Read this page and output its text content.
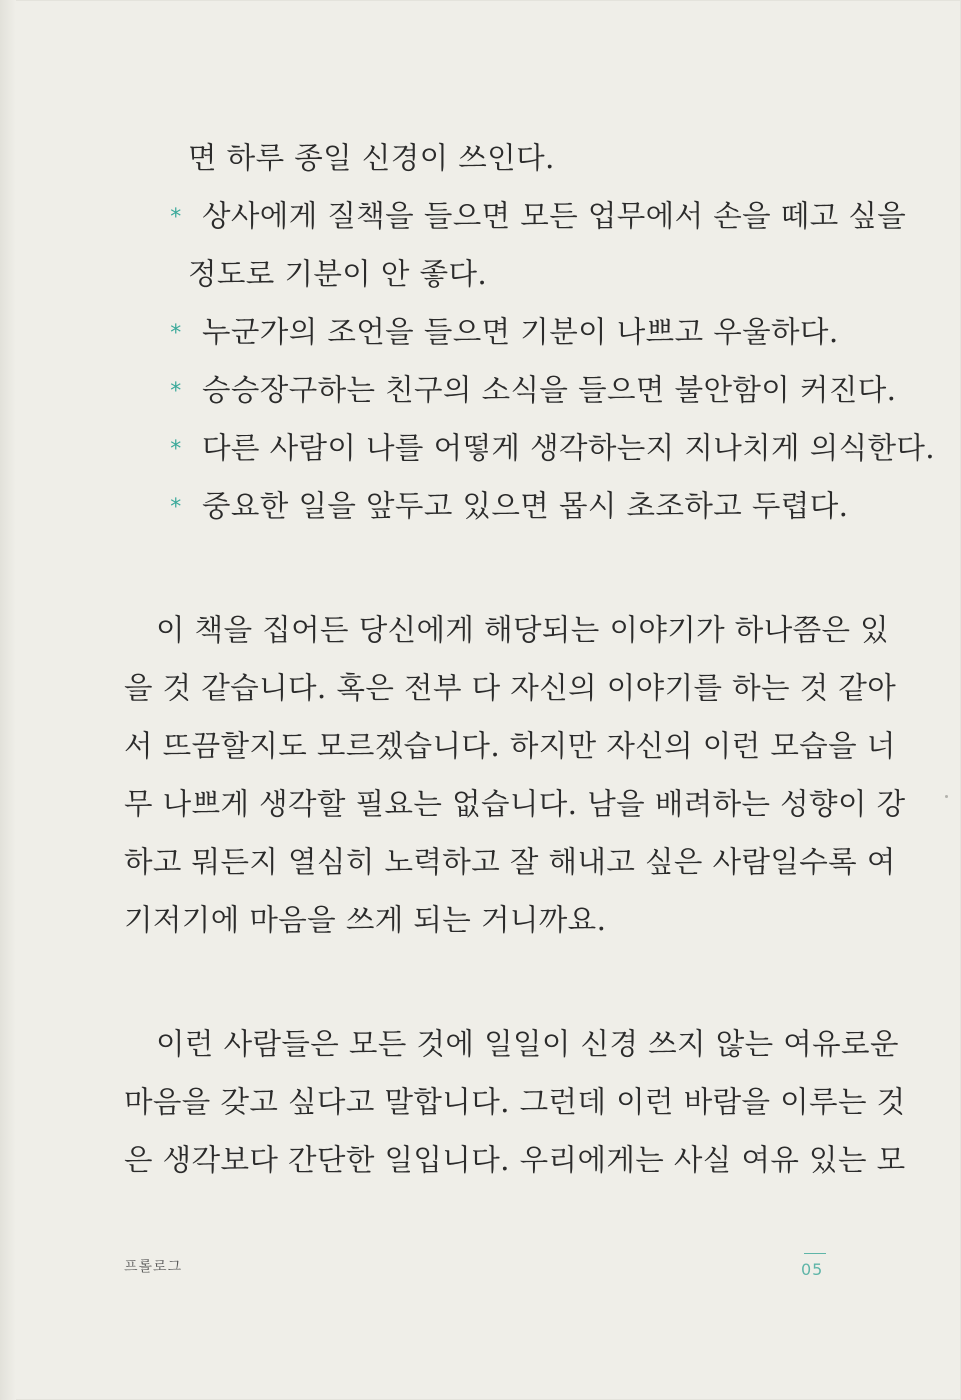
면 하루 종일 신경이 쓰인다.
* 상사에게 질책을 들으면 모든 업무에서 손을 떼고 싶을
정도로 기분이 안 좋다.
* 누군가의 조언을 들으면 기분이 나쁘고 우울하다.
* 승승장구하는 친구의 소식을 들으면 불안함이 커진다.
* 다른 사람이 나를 어떻게 생각하는지 지나치게 의식한다.
* 중요한 일을 앞두고 있으면 몹시 초조하고 두렵다.
이 책을 집어든 당신에게 해당되는 이야기가 하나쯤은 있
을 것 같습니다. 혹은 전부 다 자신의 이야기를 하는 것 같아
서 뜨끔할지도 모르겠습니다. 하지만 자신의 이런 모습을 너
무 나쁘게 생각할 필요는 없습니다. 남을 배려하는 성향이 강
하고 뭐든지 열심히 노력하고 잘 해내고 싶은 사람일수록 여
기저기에 마음을 쓰게 되는 거니까요.
이런 사람들은 모든 것에 일일이 신경 쓰지 않는 여유로운
마음을 갖고 싶다고 말합니다. 그런데 이런 바람을 이루는 것
은 생각보다 간단한 일입니다. 우리에게는 사실 여유 있는 모
프롤로그	05
